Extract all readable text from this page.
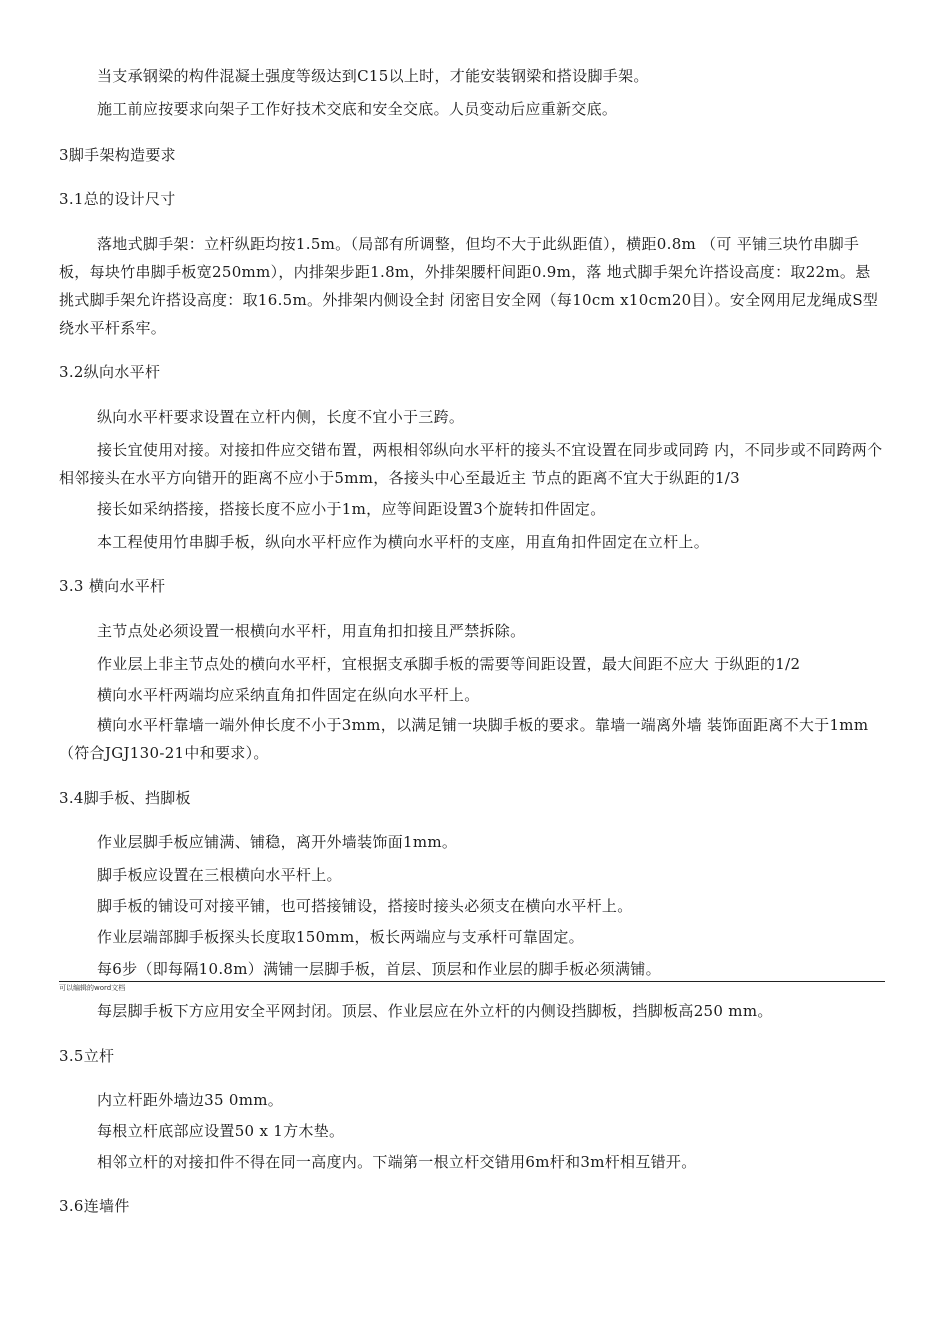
当支承钢梁的构件混凝土强度等级达到C15以上时，才能安装钢梁和搭设脚手架。

施工前应按要求向架子工作好技术交底和安全交底。人员变动后应重新交底。

3脚手架构造要求

3.1总的设计尺寸

落地式脚手架：立杆纵距均按1.5m。（局部有所调整，但均不大于此纵距值），横距0.8m （可 平铺三块竹串脚手板，每块竹串脚手板宽250mm），内排架步距1.8m，外排架腰杆间距0.9m，落 地式脚手架允许搭设高度：取22m。悬挑式脚手架允许搭设高度：取16.5m。外排架内侧设全封 闭密目安全网（每10cm x10cm20目）。安全网用尼龙绳成S型绕水平杆系牢。

3.2纵向水平杆

纵向水平杆要求设置在立杆内侧，长度不宜小于三跨。

接长宜使用对接。对接扣件应交错布置，两根相邻纵向水平杆的接头不宜设置在同步或同跨 内，不同步或不同跨两个相邻接头在水平方向错开的距离不应小于5mm，各接头中心至最近主 节点的距离不宜大于纵距的1/3

接长如采纳搭接，搭接长度不应小于1m，应等间距设置3个旋转扣件固定。

本工程使用竹串脚手板，纵向水平杆应作为横向水平杆的支座，用直角扣件固定在立杆上。

3.3 横向水平杆

主节点处必须设置一根横向水平杆，用直角扣扣接且严禁拆除。

作业层上非主节点处的横向水平杆，宜根据支承脚手板的需要等间距设置，最大间距不应大 于纵距的1/2

横向水平杆两端均应采纳直角扣件固定在纵向水平杆上。

横向水平杆靠墙一端外伸长度不小于3mm，以满足铺一块脚手板的要求。靠墙一端离外墙 装饰面距离不大于1mm （符合JGJ130-21中和要求）。

3.4脚手板、挡脚板

作业层脚手板应铺满、铺稳，离开外墙装饰面1mm。

脚手板应设置在三根横向水平杆上。

脚手板的铺设可对接平铺，也可搭接铺设，搭接时接头必须支在横向水平杆上。

作业层端部脚手板探头长度取150mm，板长两端应与支承杆可靠固定。

每6步（即每隔10.8m）满铺一层脚手板，首层、顶层和作业层的脚手板必须满铺。

可以编辑的word文档

每层脚手板下方应用安全平网封闭。顶层、作业层应在外立杆的内侧设挡脚板，挡脚板高250 mm。

3.5立杆

内立杆距外墙边35 0mm。

每根立杆底部应设置50 x 1方木垫。

相邻立杆的对接扣件不得在同一高度内。下端第一根立杆交错用6m杆和3m杆相互错开。

3.6连墙件
